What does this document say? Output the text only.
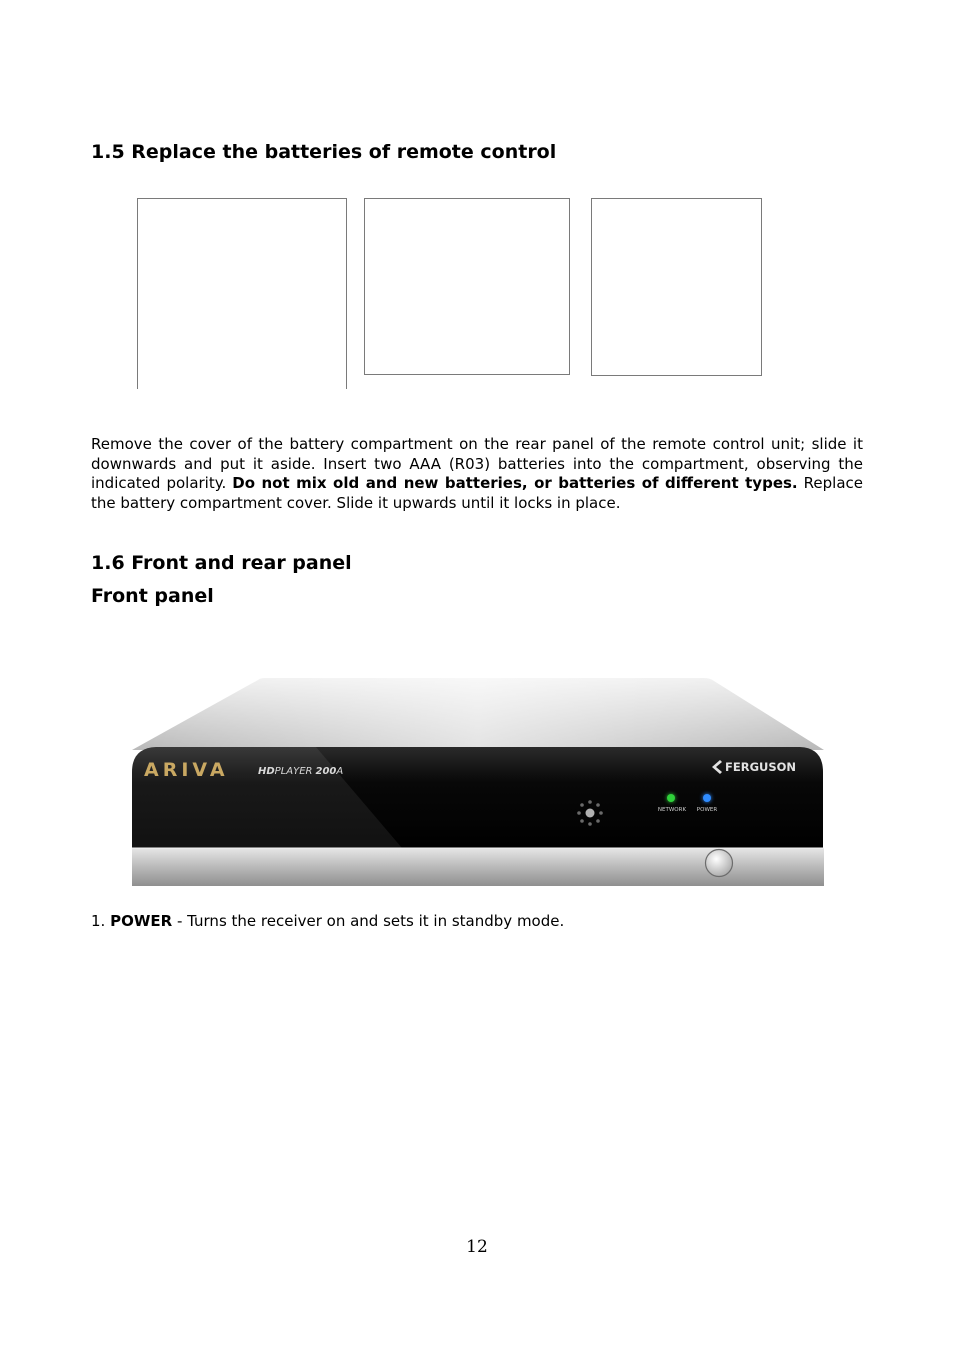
1.5 Replace the batteries of remote control

Remove the cover of the battery compartment on the rear panel of the remote control unit; slide it downwards and put it aside. Insert two AAA (R03) batteries into the compartment, observing the indicated polarity. Do not mix old and new batteries, or batteries of different types. Replace the battery compartment cover. Slide it upwards until it locks in place.

1.6 Front and rear panel
Front panel
ARIVA	HDPLAYER 200A	FERGUSON
NETWORK POWER

1. POWER - Turns the receiver on and sets it in standby mode.

12
